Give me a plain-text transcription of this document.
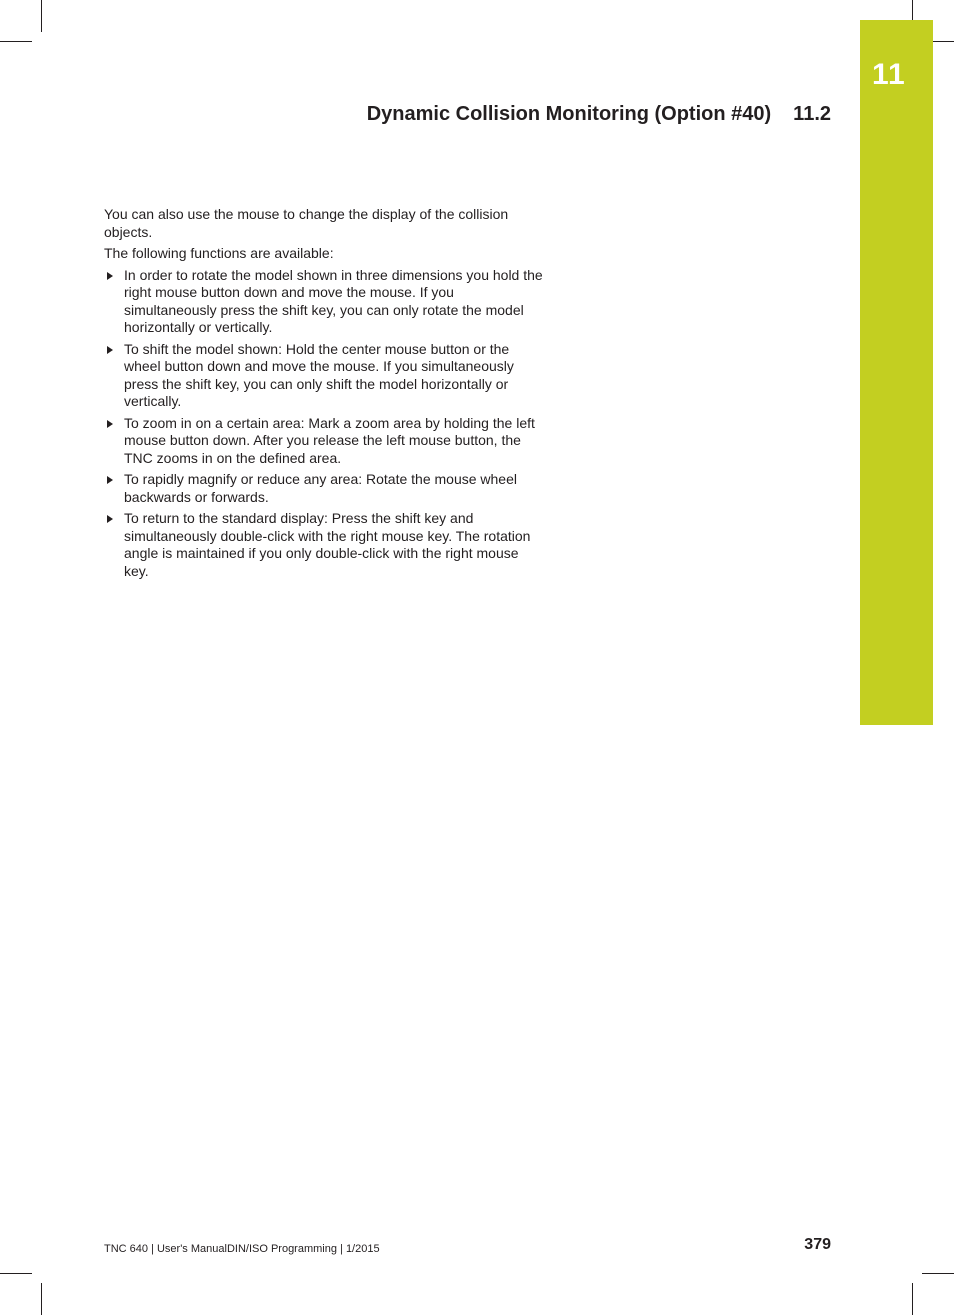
11
Dynamic Collision Monitoring (Option #40) 11.2

You can also use the mouse to change the display of the collision objects.

The following functions are available:

In order to rotate the model shown in three dimensions you hold the right mouse button down and move the mouse. If you simultaneously press the shift key, you can only rotate the model horizontally or vertically.
To shift the model shown: Hold the center mouse button or the wheel button down and move the mouse. If you simultaneously press the shift key, you can only shift the model horizontally or vertically.
To zoom in on a certain area: Mark a zoom area by holding the left mouse button down. After you release the left mouse button, the TNC zooms in on the defined area.
To rapidly magnify or reduce any area: Rotate the mouse wheel backwards or forwards.
To return to the standard display: Press the shift key and simultaneously double-click with the right mouse key. The rotation angle is maintained if you only double-click with the right mouse key.
TNC 640 | User's ManualDIN/ISO Programming | 1/2015	379
